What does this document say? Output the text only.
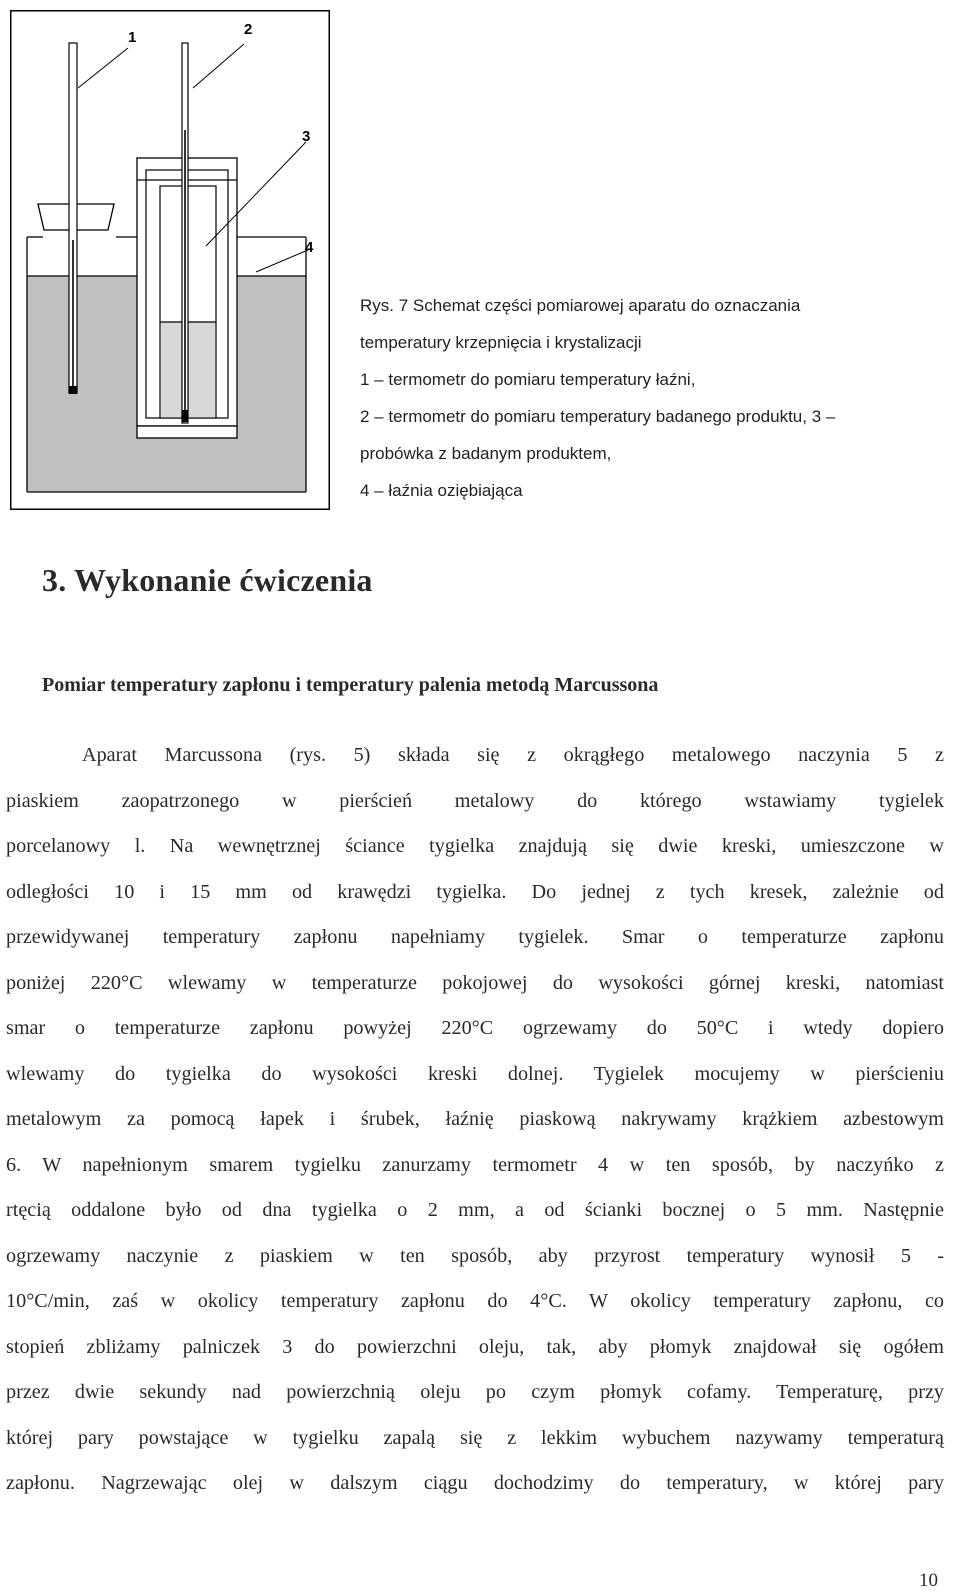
1	2
3
4
Rys. 7 Schemat części pomiarowej aparatu do oznaczania
temperatury krzepnięcia i krystalizacji
1 – termometr do pomiaru temperatury łaźni,
2 – termometr do pomiaru temperatury badanego produktu, 3 –
probówka z badanym produktem,
4 – łaźnia oziębiająca
3. Wykonanie ćwiczenia
Pomiar temperatury zapłonu i temperatury palenia metodą Marcussona
Aparat Marcussona (rys. 5) składa się z okrągłego metalowego naczynia 5 z
piaskiem zaopatrzonego w pierścień metalowy do którego wstawiamy tygielek
porcelanowy l. Na wewnętrznej ściance tygielka znajdują się dwie kreski, umieszczone w
odległości 10 i 15 mm od krawędzi tygielka. Do jednej z tych kresek, zależnie od
przewidywanej temperatury zapłonu napełniamy tygielek. Smar o temperaturze zapłonu
poniżej 220°C wlewamy w temperaturze pokojowej do wysokości górnej kreski, natomiast
smar o temperaturze zapłonu powyżej 220°C ogrzewamy do 50°C i wtedy dopiero
wlewamy do tygielka do wysokości kreski dolnej. Tygielek mocujemy w pierścieniu
metalowym za pomocą łapek i śrubek, łaźnię piaskową nakrywamy krążkiem azbestowym
6. W napełnionym smarem tygielku zanurzamy termometr 4 w ten sposób, by naczyńko z
rtęcią oddalone było od dna tygielka o 2 mm, a od ścianki bocznej o 5 mm. Następnie
ogrzewamy naczynie z piaskiem w ten sposób, aby przyrost temperatury wynosił 5 -
10°C/min, zaś w okolicy temperatury zapłonu do 4°C. W okolicy temperatury zapłonu, co
stopień zbliżamy palniczek 3 do powierzchni oleju, tak, aby płomyk znajdował się ogółem
przez dwie sekundy nad powierzchnią oleju po czym płomyk cofamy. Temperaturę, przy
której pary powstające w tygielku zapalą się z lekkim wybuchem nazywamy temperaturą
zapłonu. Nagrzewając olej w dalszym ciągu dochodzimy do temperatury, w której pary
10
